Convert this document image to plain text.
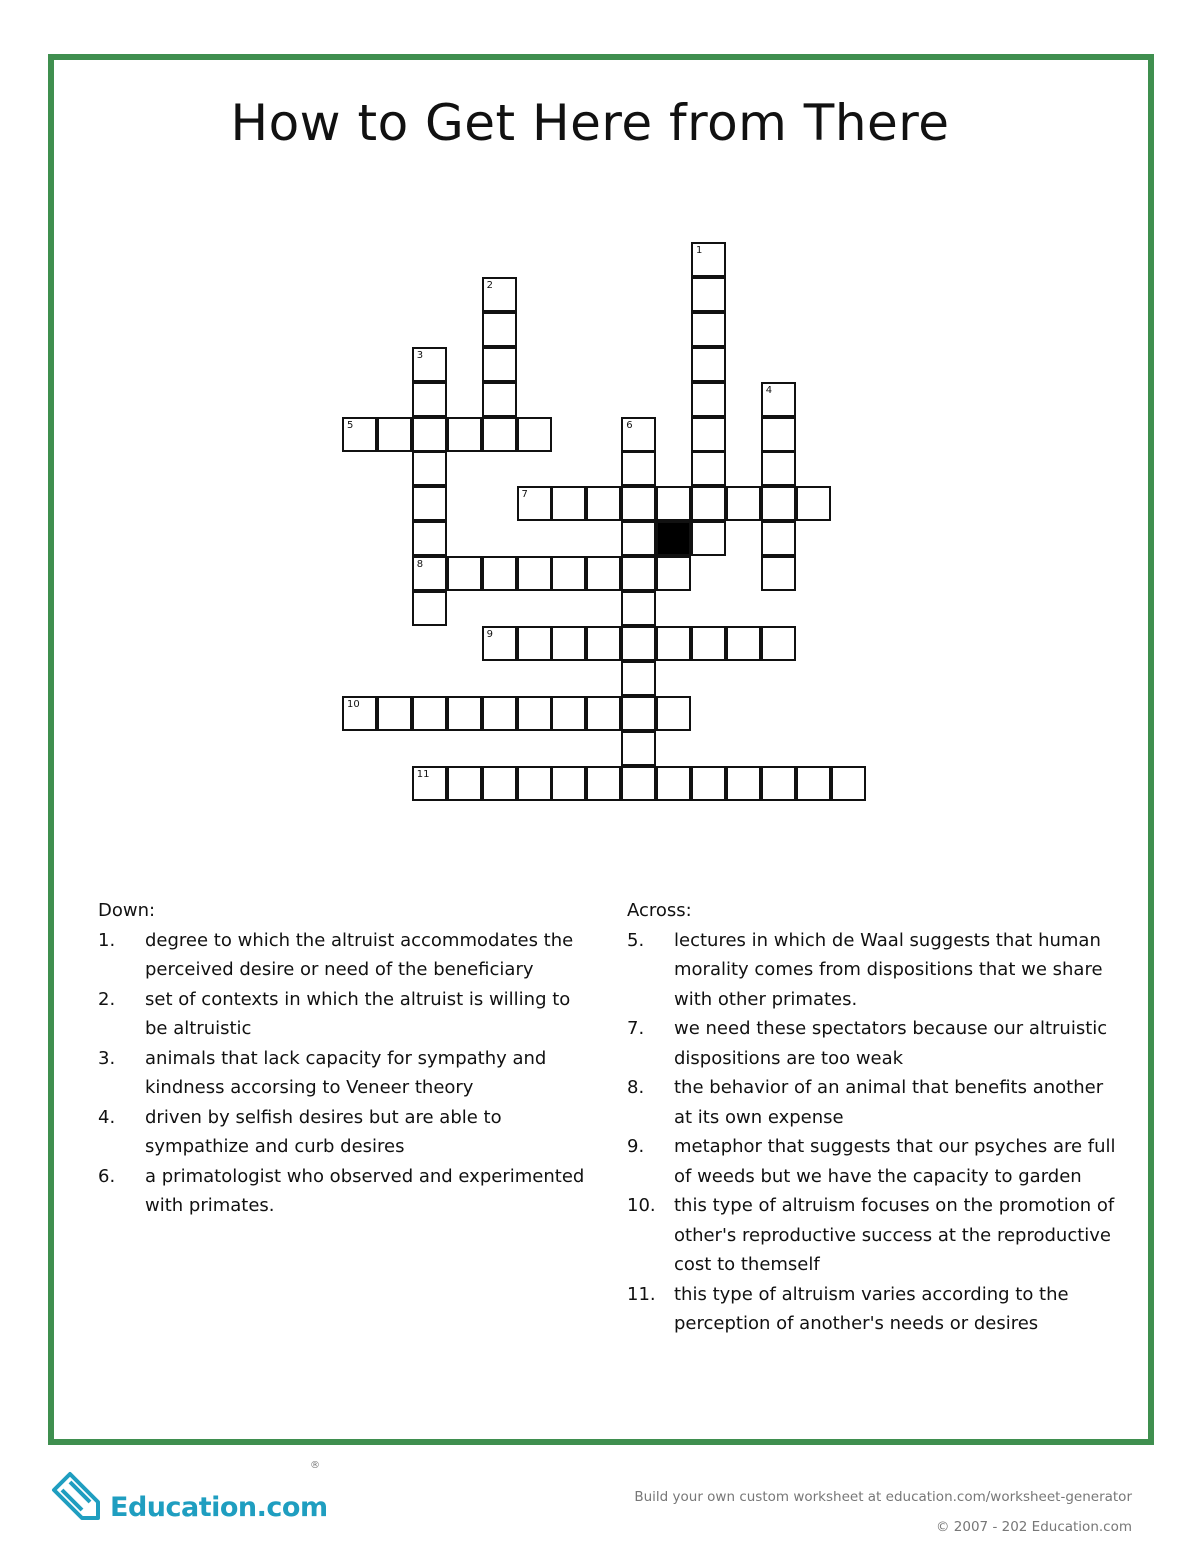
How to Get Here from There
1
2
3
8
4
5	6
7
9
10
11
Down:
1.	degree to which the altruist accommodates the perceived desire or need of the beneficiary
2.	set of contexts in which the altruist is willing to be altruistic
3.	animals that lack capacity for sympathy and kindness accorsing to Veneer theory
4.	driven by selfish desires but are able to sympathize and curb desires
6.	a primatologist who observed and experimented with primates.
Across:
5.	lectures in which de Waal suggests that human morality comes from dispositions that we share with other primates.
7.	we need these spectators because our altruistic dispositions are too weak
8.	the behavior of an animal that benefits another at its own expense
9.	metaphor that suggests that our psyches are full of weeds but we have the capacity to garden
10.	this type of altruism focuses on the promotion of other's reproductive success at the reproductive cost to themself
11.	this type of altruism varies according to the perception of another's needs or desires
Education.com
®
Build your own custom worksheet at education.com/worksheet-generator
© 2007 - 202 Education.com
